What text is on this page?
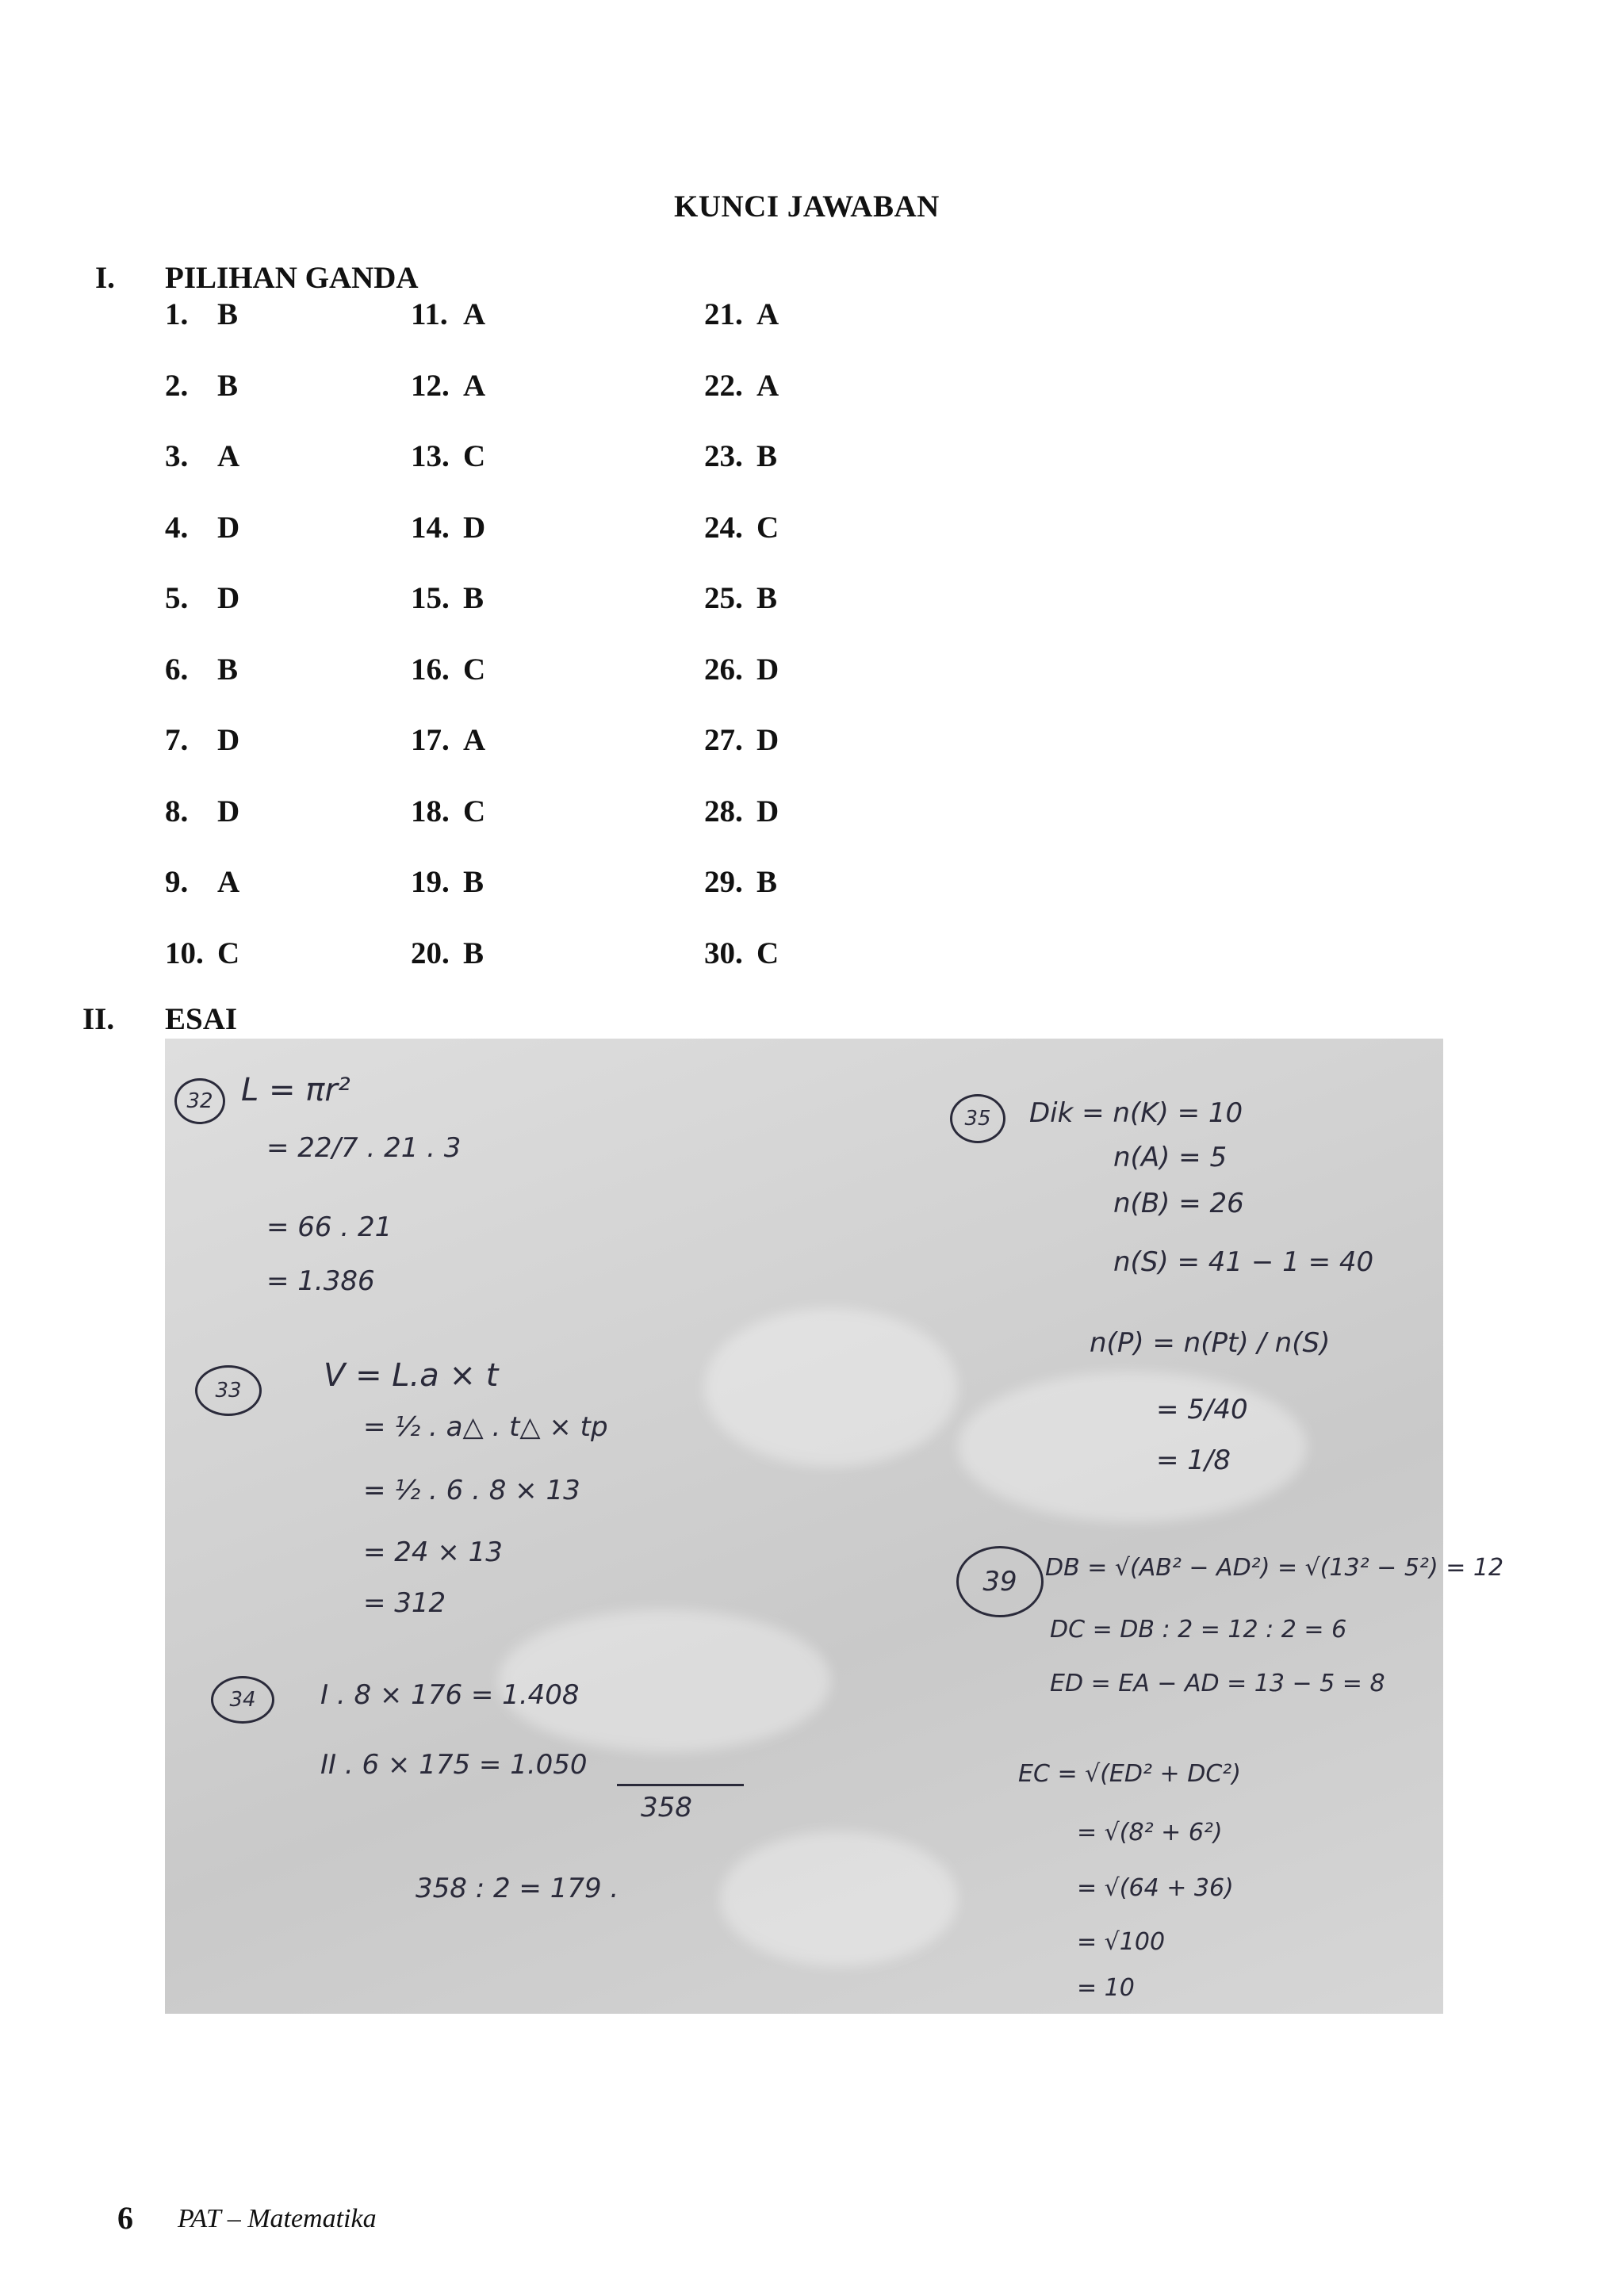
KUNCI JAWABAN
I. PILIHAN GANDA
1. B
2. B
3. A
4. D
5. D
6. B
7. D
8. D
9. A
10. C
11. A
12. A
13. C
14. D
15. B
16. C
17. A
18. C
19. B
20. B
21. A
22. A
23. B
24. C
25. B
26. D
27. D
28. D
29. B
30. C
II. ESAI
32 L = πr²
= 22/7 . 21 . 3
= 66 . 21
= 1.386
33	V = L.a × t
= ½ . a△ . t△ × tp
= ½ . 6 . 8 × 13
= 24 × 13
= 312
34	I . 8 × 176 = 1.408
II . 6 × 175 = 1.050
358
358 : 2 = 179 .
35	Dik = n(K) = 10
n(A) = 5
n(B) = 26
n(S) = 41 − 1 = 40
n(P) = n(Pt) / n(S)
= 5/40
= 1/8
39	DB = √(AB² − AD²) = √(13² − 5²) = 12
DC = DB : 2 = 12 : 2 = 6
ED = EA − AD = 13 − 5 = 8
EC = √(ED² + DC²)
= √(8² + 6²)
= √(64 + 36)
= √100
= 10
6 PAT – Matematika
